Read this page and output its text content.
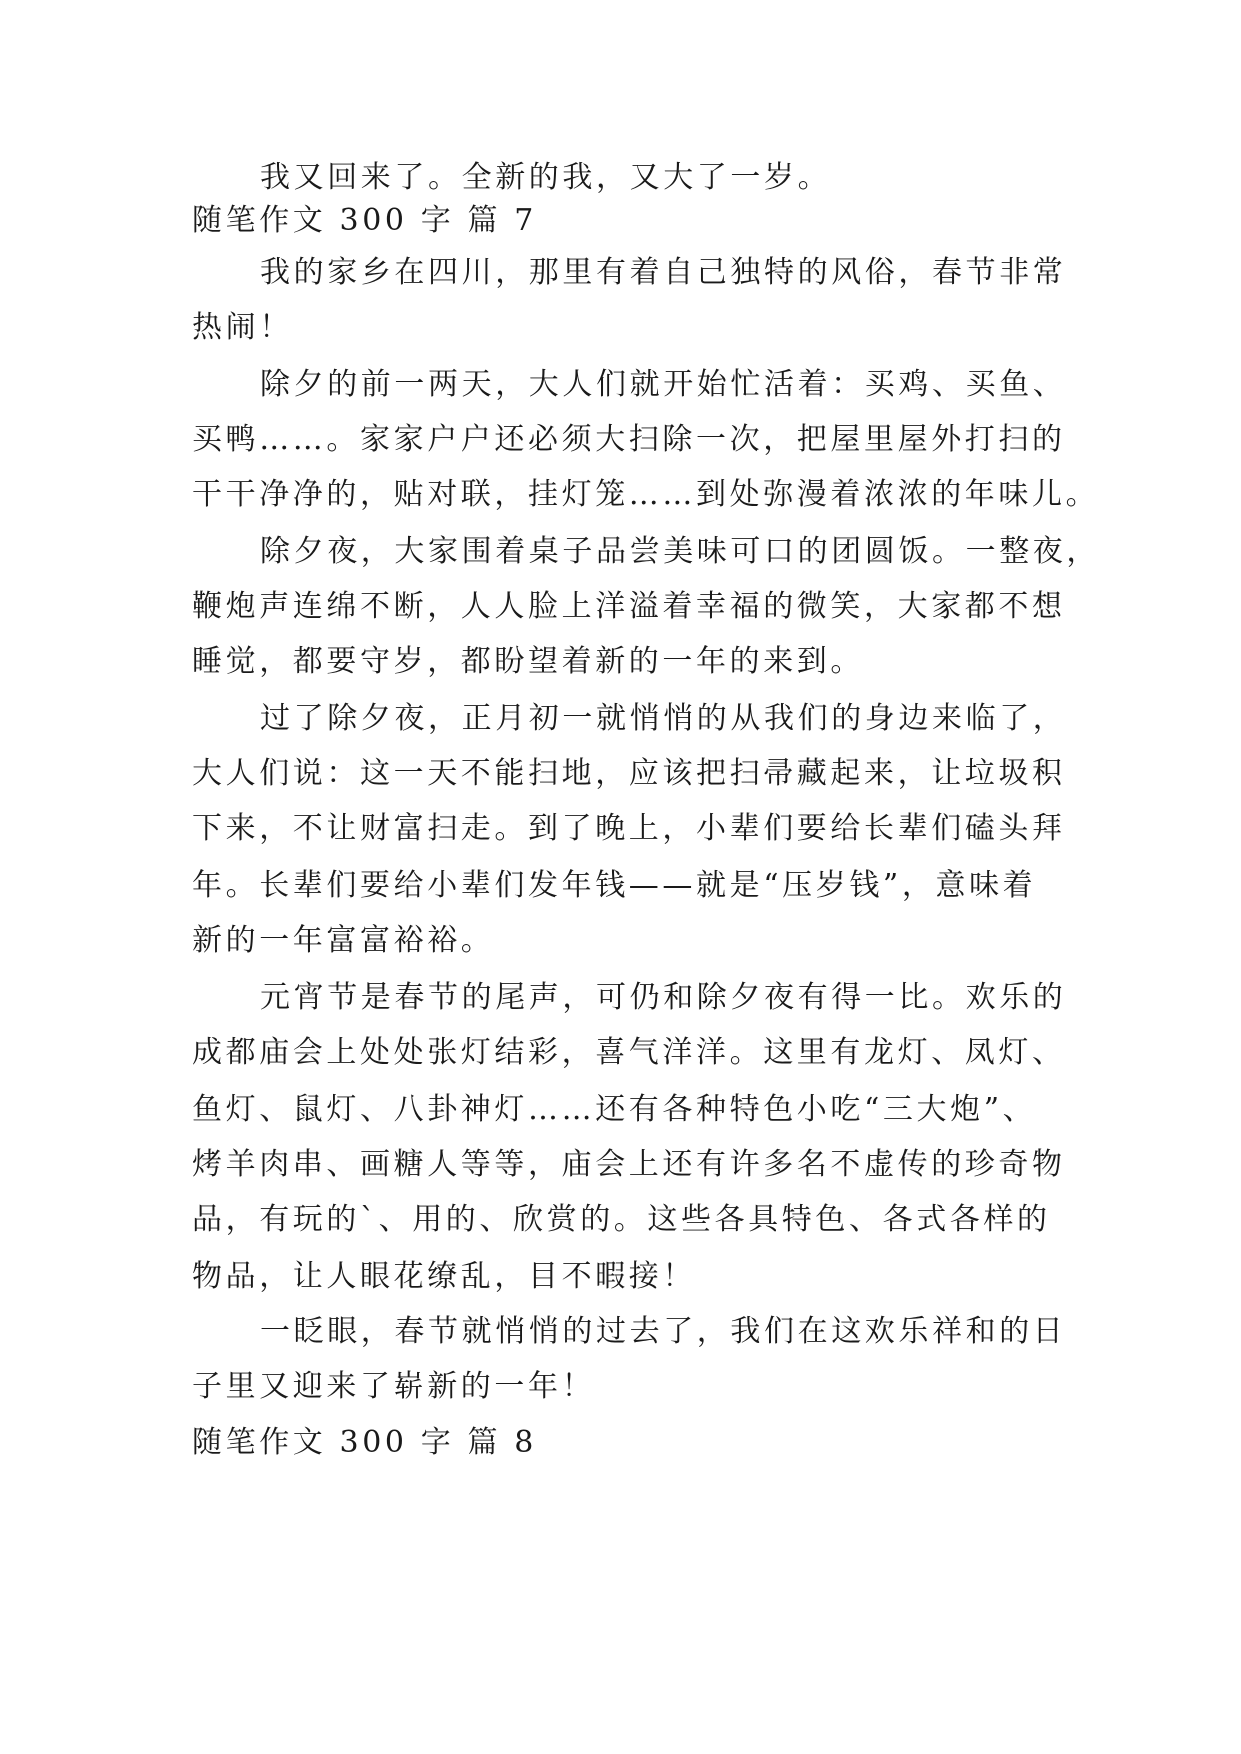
我又回来了。全新的我，又大了一岁。
随笔作文 300 字 篇 7
我的家乡在四川，那里有着自己独特的风俗，春节非常
热闹！
除夕的前一两天，大人们就开始忙活着：买鸡、买鱼、
买鸭……。家家户户还必须大扫除一次，把屋里屋外打扫的
干干净净的，贴对联，挂灯笼……到处弥漫着浓浓的年味儿。
除夕夜，大家围着桌子品尝美味可口的团圆饭。一整夜，
鞭炮声连绵不断，人人脸上洋溢着幸福的微笑，大家都不想
睡觉，都要守岁，都盼望着新的一年的来到。
过了除夕夜，正月初一就悄悄的从我们的身边来临了，
大人们说：这一天不能扫地，应该把扫帚藏起来，让垃圾积
下来，不让财富扫走。到了晚上，小辈们要给长辈们磕头拜
年。长辈们要给小辈们发年钱——就是“压岁钱”，意味着
新的一年富富裕裕。
元宵节是春节的尾声，可仍和除夕夜有得一比。欢乐的
成都庙会上处处张灯结彩，喜气洋洋。这里有龙灯、凤灯、
鱼灯、鼠灯、八卦神灯……还有各种特色小吃“三大炮”、
烤羊肉串、画糖人等等，庙会上还有许多名不虚传的珍奇物
品，有玩的`、用的、欣赏的。这些各具特色、各式各样的
物品，让人眼花缭乱，目不暇接！
一眨眼，春节就悄悄的过去了，我们在这欢乐祥和的日
子里又迎来了崭新的一年！
随笔作文 300 字 篇 8
